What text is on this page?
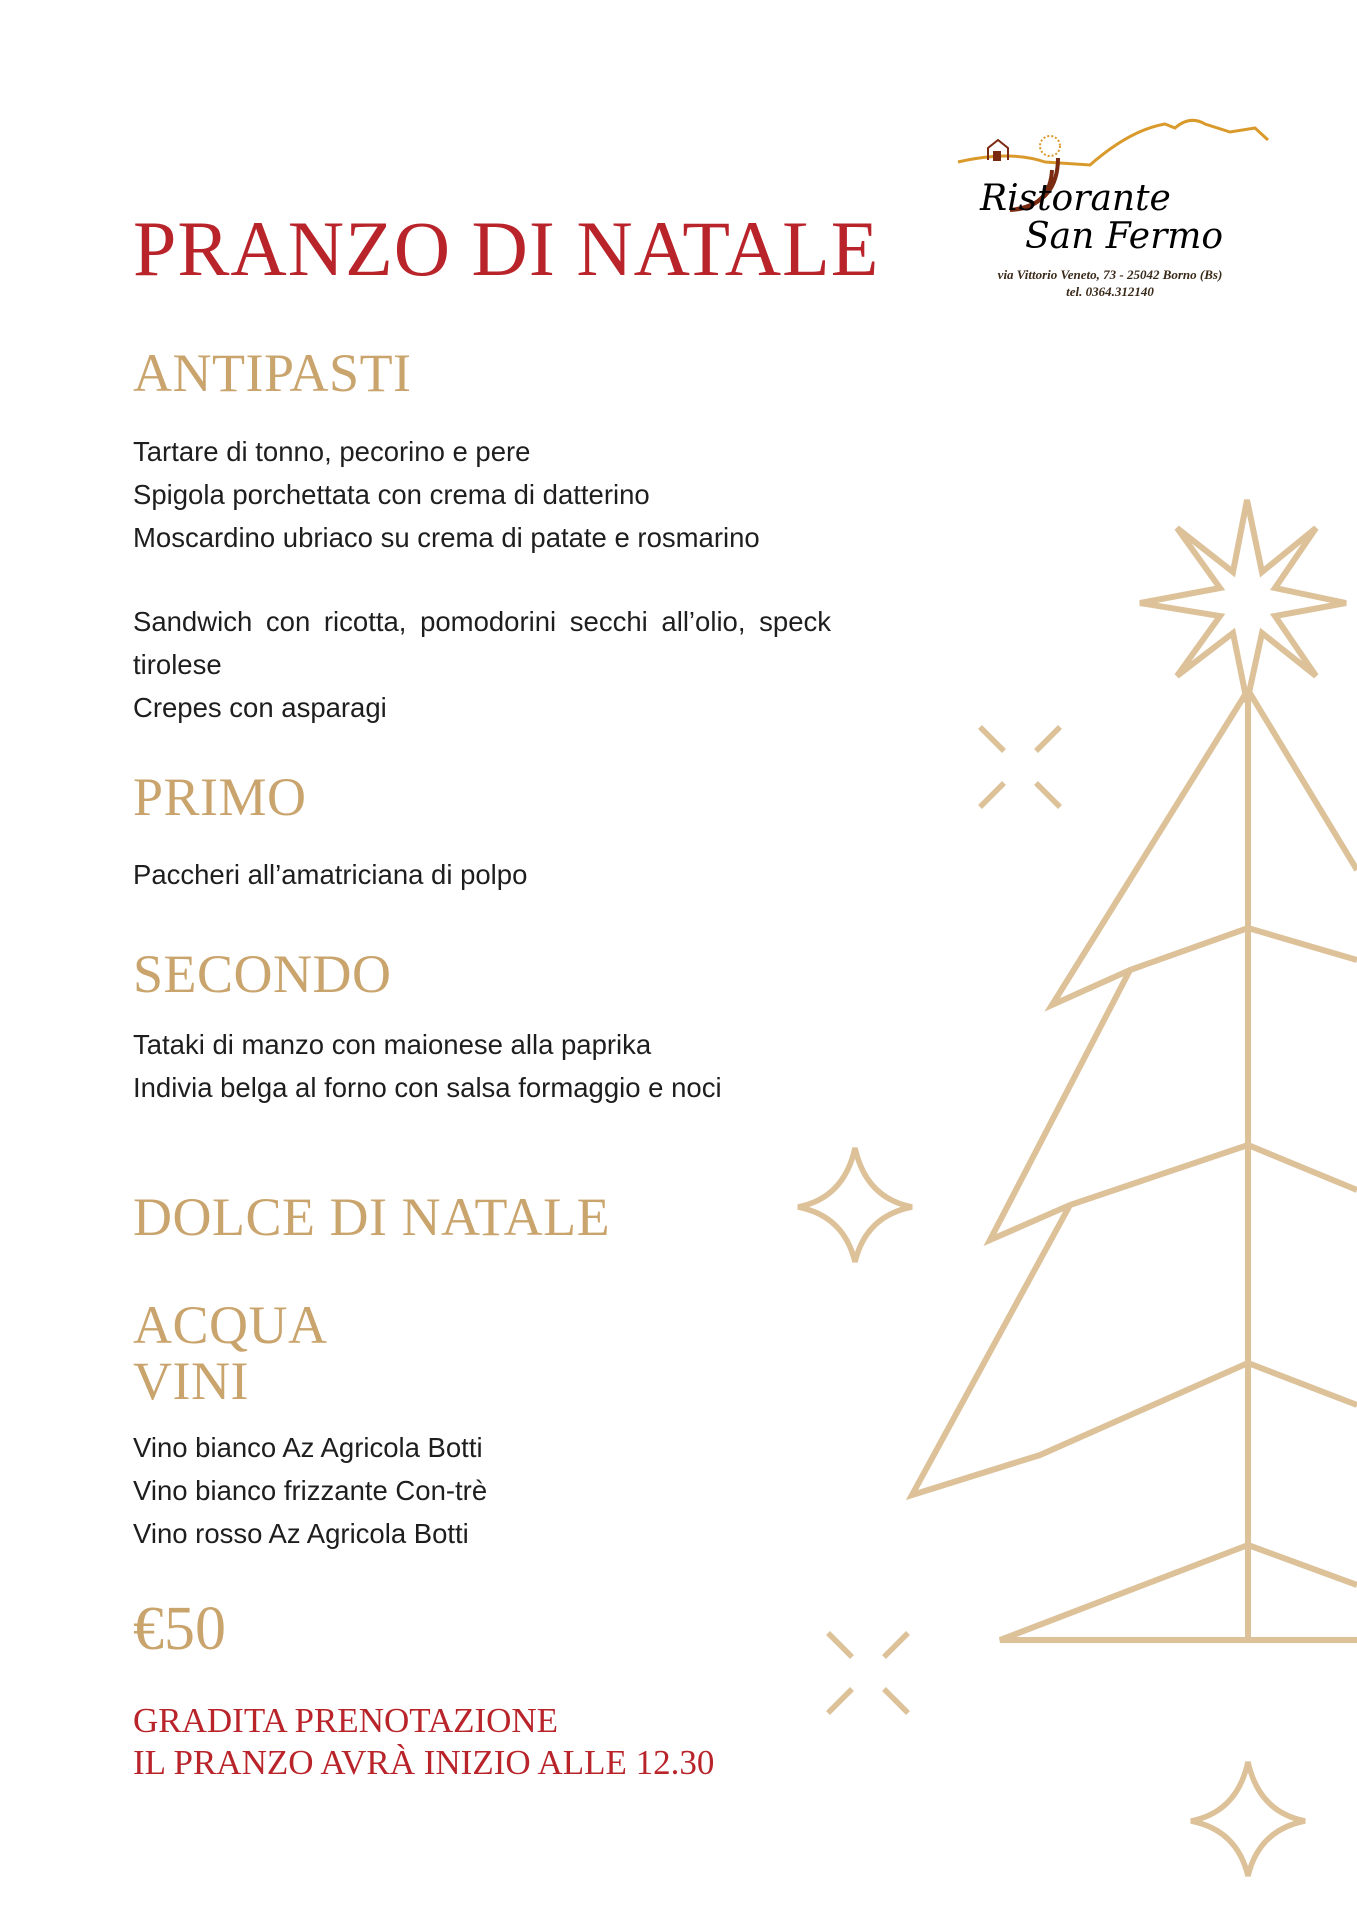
Ristorante
San Fermo
via Vittorio Veneto, 73 - 25042 Borno (Bs)
tel. 0364.312140
PRANZO DI NATALE
ANTIPASTI
Tartare di tonno, pecorino e pere
Spigola porchettata con crema di datterino
Moscardino ubriaco su crema di patate e rosmarino
Sandwich con ricotta, pomodorini secchi all’olio, speck tirolese
Crepes con asparagi
PRIMO
Paccheri all’amatriciana di polpo
SECONDO
Tataki di manzo con maionese alla paprika
Indivia belga al forno con salsa formaggio e noci
DOLCE DI NATALE
ACQUA
VINI
Vino bianco Az Agricola Botti
Vino bianco frizzante Con-trè
Vino rosso Az Agricola Botti
€50
GRADITA PRENOTAZIONE
IL PRANZO AVRÀ INIZIO ALLE 12.30
